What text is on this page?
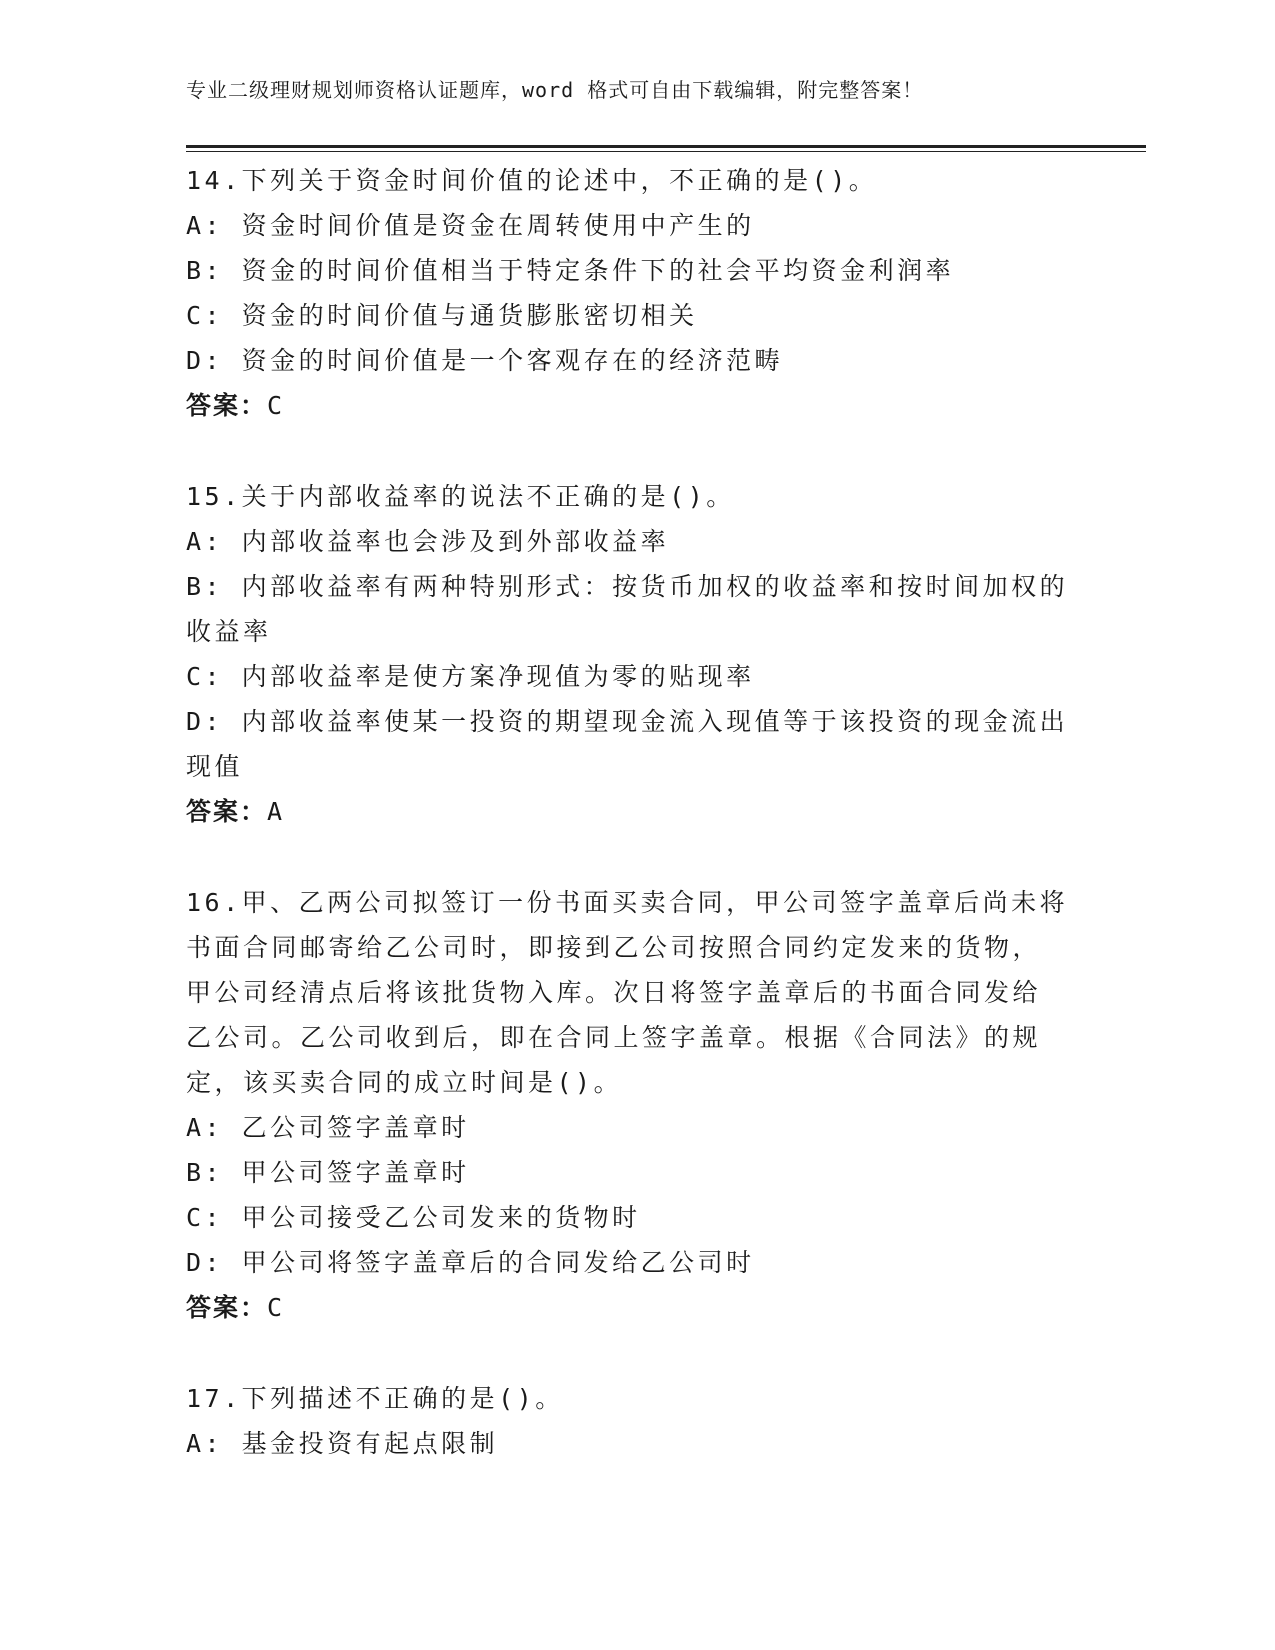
专业二级理财规划师资格认证题库，word 格式可自由下载编辑，附完整答案！
14.下列关于资金时间价值的论述中，不正确的是()。
A: 资金时间价值是资金在周转使用中产生的
B: 资金的时间价值相当于特定条件下的社会平均资金利润率
C: 资金的时间价值与通货膨胀密切相关
D: 资金的时间价值是一个客观存在的经济范畴
答案：C
15.关于内部收益率的说法不正确的是()。
A: 内部收益率也会涉及到外部收益率
B: 内部收益率有两种特别形式：按货币加权的收益率和按时间加权的
收益率
C: 内部收益率是使方案净现值为零的贴现率
D: 内部收益率使某一投资的期望现金流入现值等于该投资的现金流出
现值
答案：A
16.甲、乙两公司拟签订一份书面买卖合同，甲公司签字盖章后尚未将
书面合同邮寄给乙公司时，即接到乙公司按照合同约定发来的货物，
甲公司经清点后将该批货物入库。次日将签字盖章后的书面合同发给
乙公司。乙公司收到后，即在合同上签字盖章。根据《合同法》的规
定，该买卖合同的成立时间是()。
A: 乙公司签字盖章时
B: 甲公司签字盖章时
C: 甲公司接受乙公司发来的货物时
D: 甲公司将签字盖章后的合同发给乙公司时
答案：C
17.下列描述不正确的是()。
A: 基金投资有起点限制
